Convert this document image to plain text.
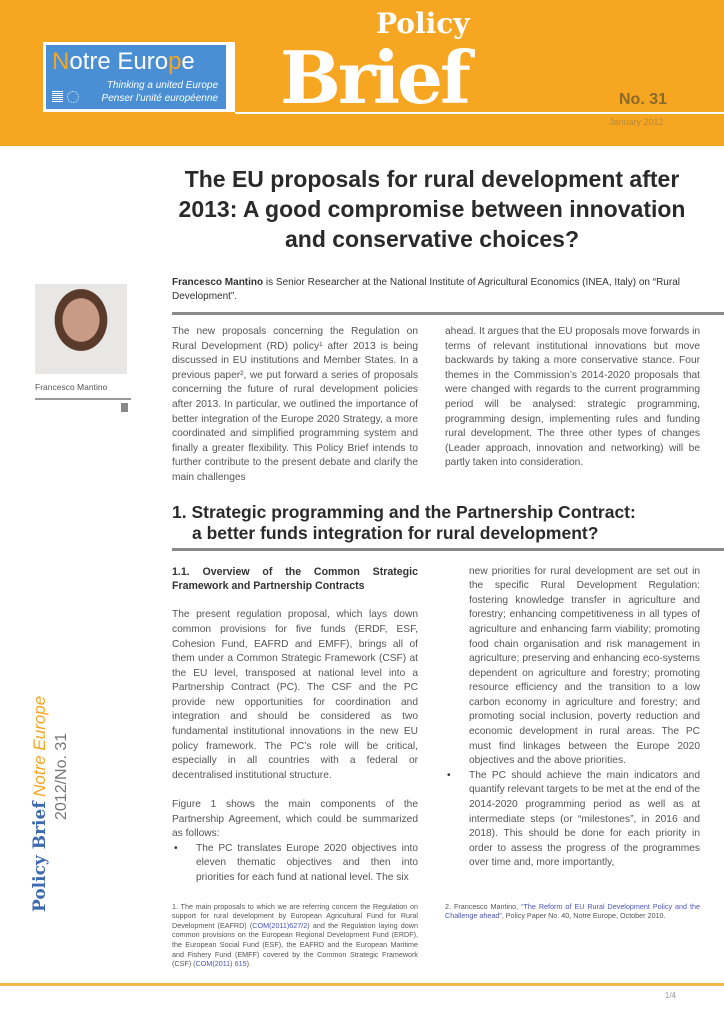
Notre Europe
Thinking a united Europe
Penser l'unité européenne Brief
Policy
No. 31
January 2012
Francesco Mantino
Policy Brief Notre Europe 2012/No. 31
The EU proposals for rural development after 2013: A good compromise between innovation and conservative choices?
Francesco Mantino is Senior Researcher at the National Institute of Agricultural Economics (INEA, Italy) on “Rural Development”.

The new proposals concerning the Regulation on Rural Development (RD) policy¹ after 2013 is being discussed in EU institutions and Member States. In a previous paper², we put forward a series of proposals concerning the future of rural development policies after 2013. In particular, we outlined the importance of better integration of the Europe 2020 Strategy, a more coordinated and simplified programming system and finally a greater flexibility. This Policy Brief intends to further contribute to the present debate and clarify the main challenges

ahead. It argues that the EU proposals move forwards in terms of relevant institutional innovations but move backwards by taking a more conservative stance. Four themes in the Commission’s 2014-2020 proposals that were changed with regards to the current programming period will be analysed: strategic programming, programming design, implementing rules and funding rural development. The three other types of changes (Leader approach, innovation and networking) will be partly taken into consideration.

1. Strategic programming and the Partnership Contract:
a better funds integration for rural development?

1.1. Overview of the Common Strategic Framework and Partnership Contracts

The present regulation proposal, which lays down common provisions for five funds (ERDF, ESF, Cohesion Fund, EAFRD and EMFF), brings all of them under a Common Strategic Framework (CSF) at the EU level, transposed at national level into a Partnership Contract (PC). The CSF and the PC provide new opportunities for coordination and integration and should be considered as two fundamental institutional innovations in the new EU policy framework. The PC’s role will be critical, especially in all countries with a federal or decentralised institutional structure.

Figure 1 shows the main components of the Partnership Agreement, which could be summarized as follows:

• The PC translates Europe 2020 objectives into eleven thematic objectives and then into priorities for each fund at national level. The six
new priorities for rural development are set out in the specific Rural Development Regulation: fostering knowledge transfer in agriculture and forestry; enhancing competitiveness in all types of agriculture and enhancing farm viability; promoting food chain organisation and risk management in agriculture; preserving and enhancing eco-systems dependent on agriculture and forestry; promoting resource efficiency and the transition to a low carbon economy in agriculture and forestry; and promoting social inclusion, poverty reduction and economic development in rural areas. The PC must find linkages between the Europe 2020 objectives and the above priorities.
• The PC should achieve the main indicators and quantify relevant targets to be met at the end of the 2014-2020 programming period as well as at intermediate steps (or “milestones”, in 2016 and 2018). This should be done for each priority in order to assess the progress of the programmes over time and, more importantly,
1. The main proposals to which we are referring concern the Regulation on support for rural development by European Agricultural Fund for Rural Development (EAFRD) (COM(2011)627/2) and the Regulation laying down common provisions on the European Regional Development Fund (ERDF), the European Social Fund (ESF), the EAFRD and the European Maritime and Fishery Fund (EMFF) covered by the Common Strategic Framework (CSF) (COM(2011) 615).
2. Francesco Mantino, “The Reform of EU Rural Development Policy and the Challenge ahead”, Policy Paper No. 40, Notre Europe, October 2010.
1/4
